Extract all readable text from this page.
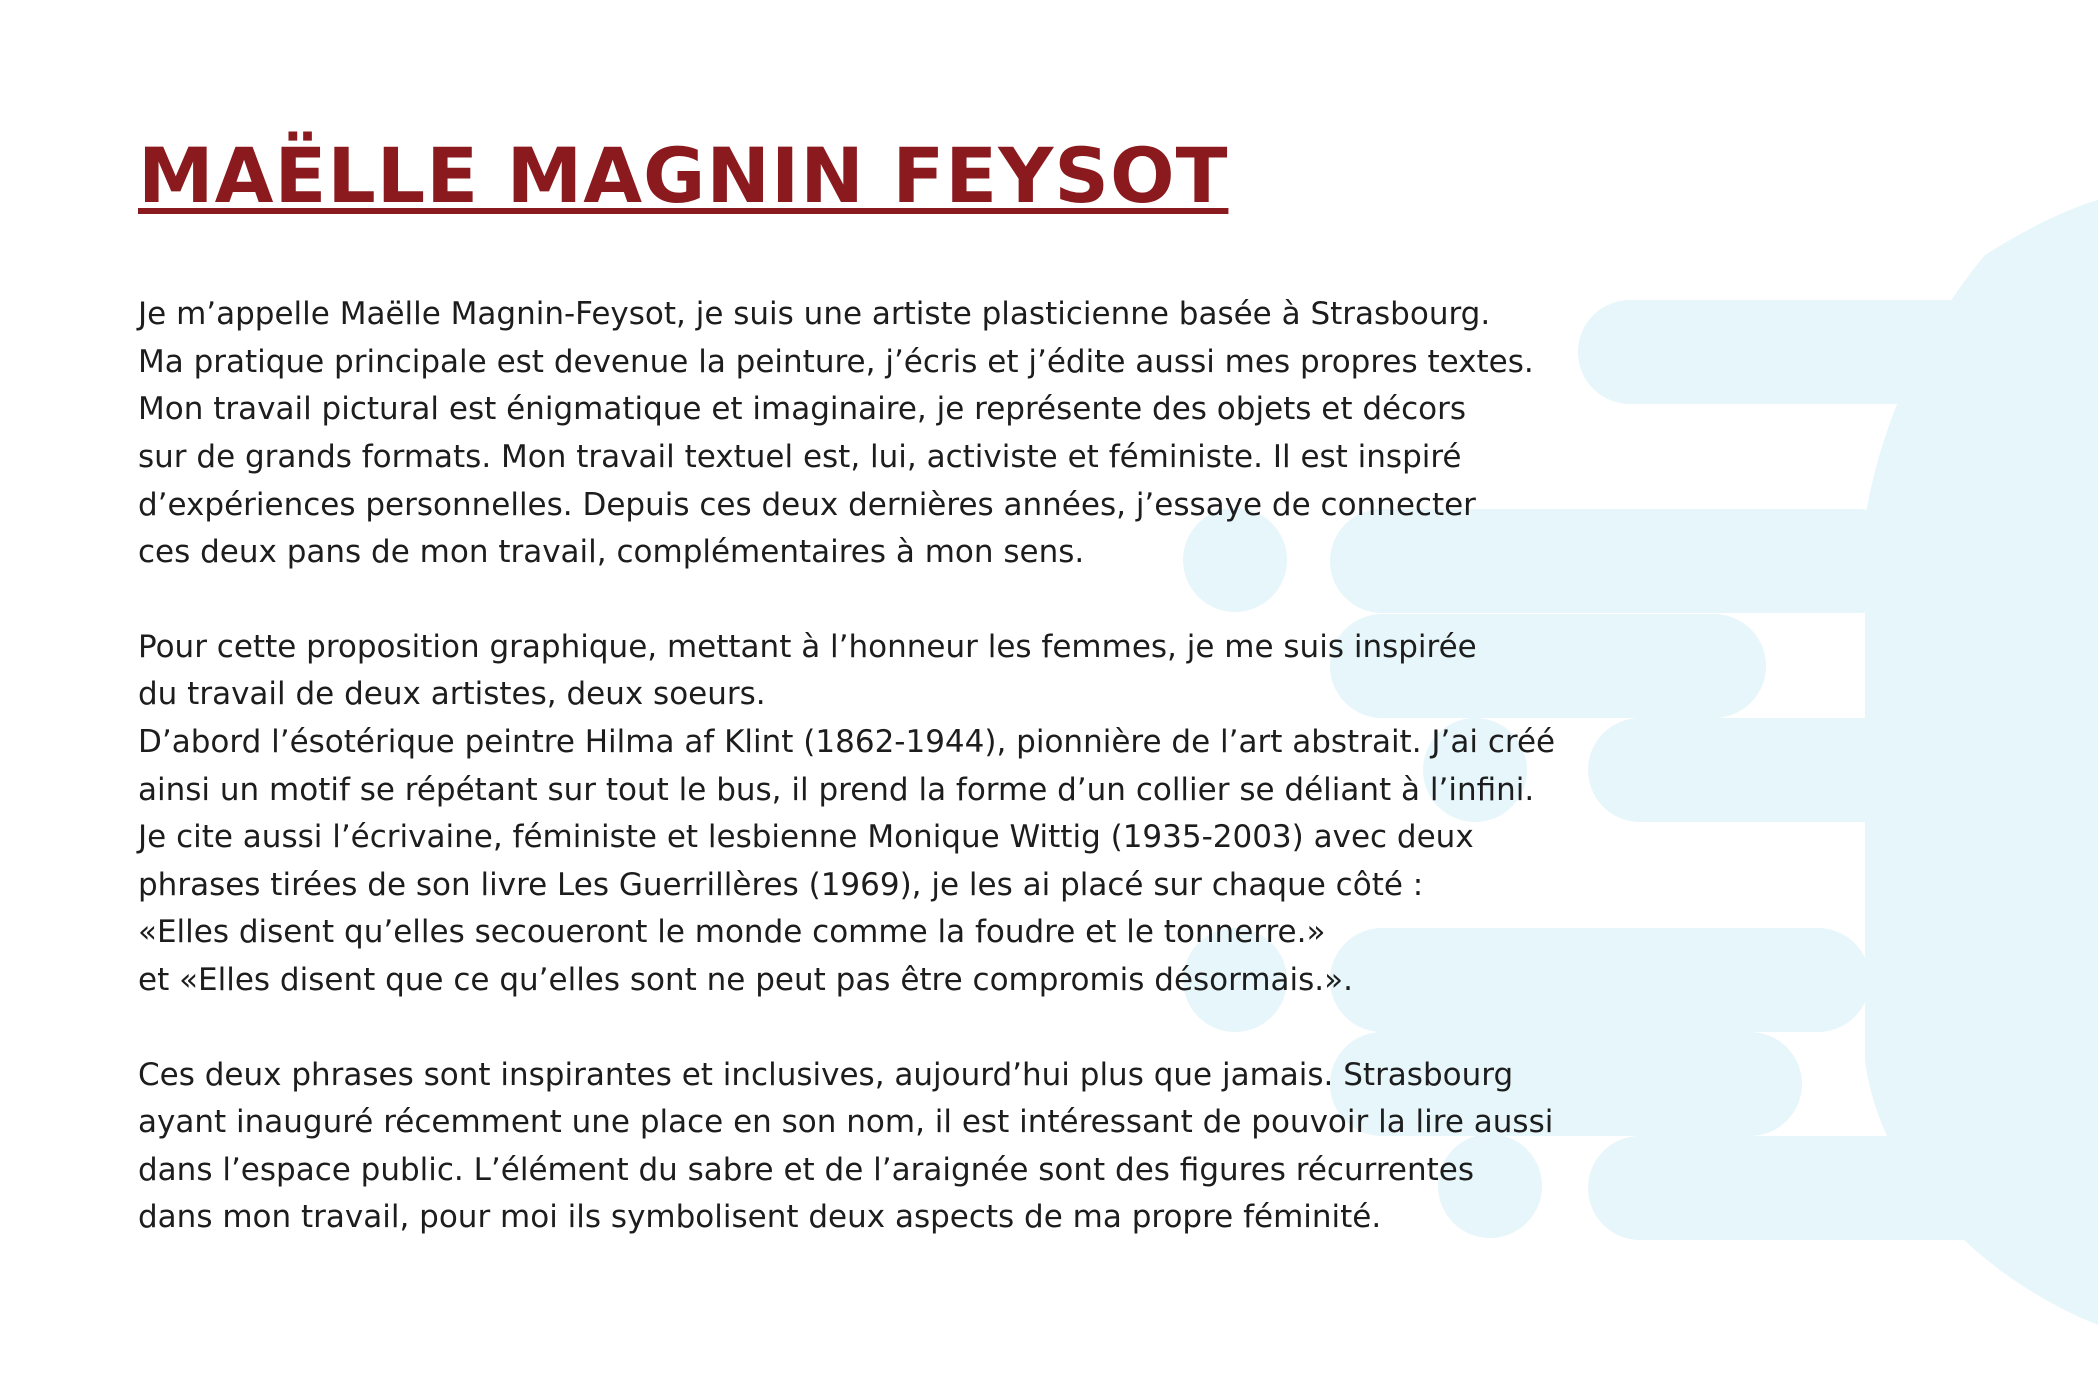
MAËLLE MAGNIN FEYSOT

Je m’appelle Maëlle Magnin-Feysot, je suis une artiste plasticienne basée à Strasbourg.
Ma pratique principale est devenue la peinture, j’écris et j’édite aussi mes propres textes.
Mon travail pictural est énigmatique et imaginaire, je représente des objets et décors
sur de grands formats. Mon travail textuel est, lui, activiste et féministe. Il est inspiré
d’expériences personnelles. Depuis ces deux dernières années, j’essaye de connecter
ces deux pans de mon travail, complémentaires à mon sens.

Pour cette proposition graphique, mettant à l’honneur les femmes, je me suis inspirée
du travail de deux artistes, deux soeurs.
D’abord l’ésotérique peintre Hilma af Klint (1862-1944), pionnière de l’art abstrait. J’ai créé
ainsi un motif se répétant sur tout le bus, il prend la forme d’un collier se déliant à l’infini.
Je cite aussi l’écrivaine, féministe et lesbienne Monique Wittig (1935-2003) avec deux
phrases tirées de son livre Les Guerrillères (1969), je les ai placé sur chaque côté :
«Elles disent qu’elles secoueront le monde comme la foudre et le tonnerre.»
et «Elles disent que ce qu’elles sont ne peut pas être compromis désormais.».

Ces deux phrases sont inspirantes et inclusives, aujourd’hui plus que jamais. Strasbourg
ayant inauguré récemment une place en son nom, il est intéressant de pouvoir la lire aussi
dans l’espace public. L’élément du sabre et de l’araignée sont des figures récurrentes
dans mon travail, pour moi ils symbolisent deux aspects de ma propre féminité.
